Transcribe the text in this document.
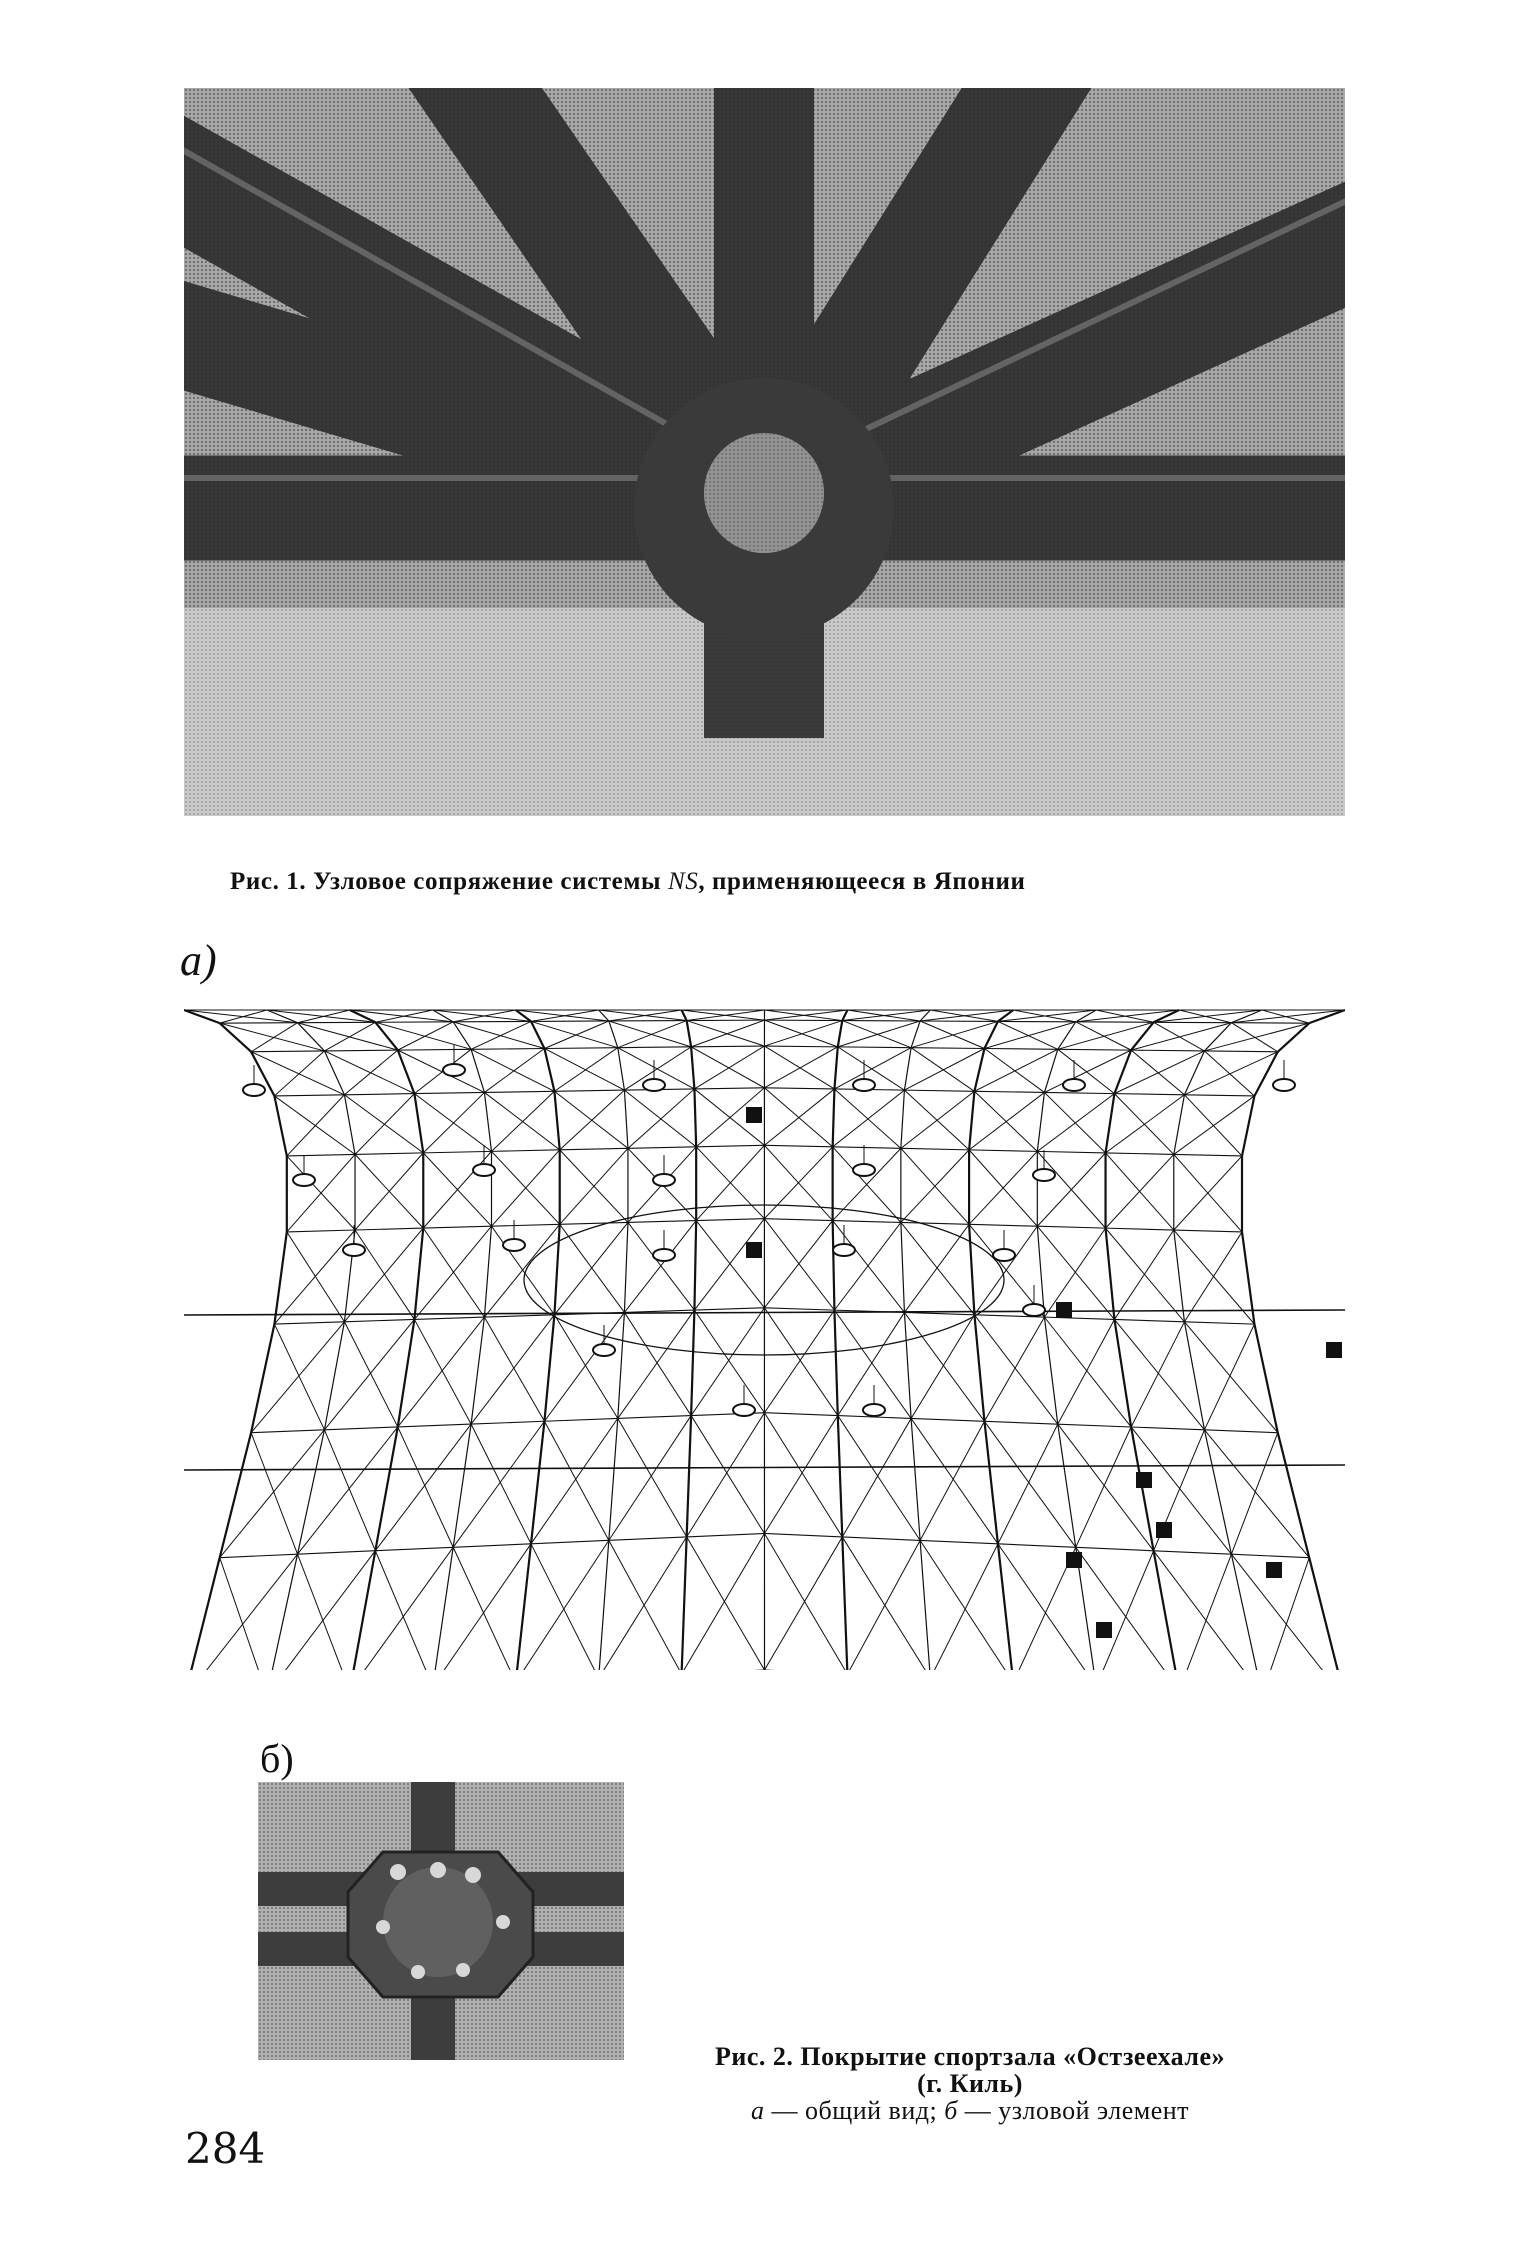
Рис. 1. Узловое сопряжение системы NS, применяющееся в Японии
a)
б)
Рис. 2. Покрытие спортзала «Остзеехале»
(г. Киль)
а — общий вид; б — узловой элемент
284
